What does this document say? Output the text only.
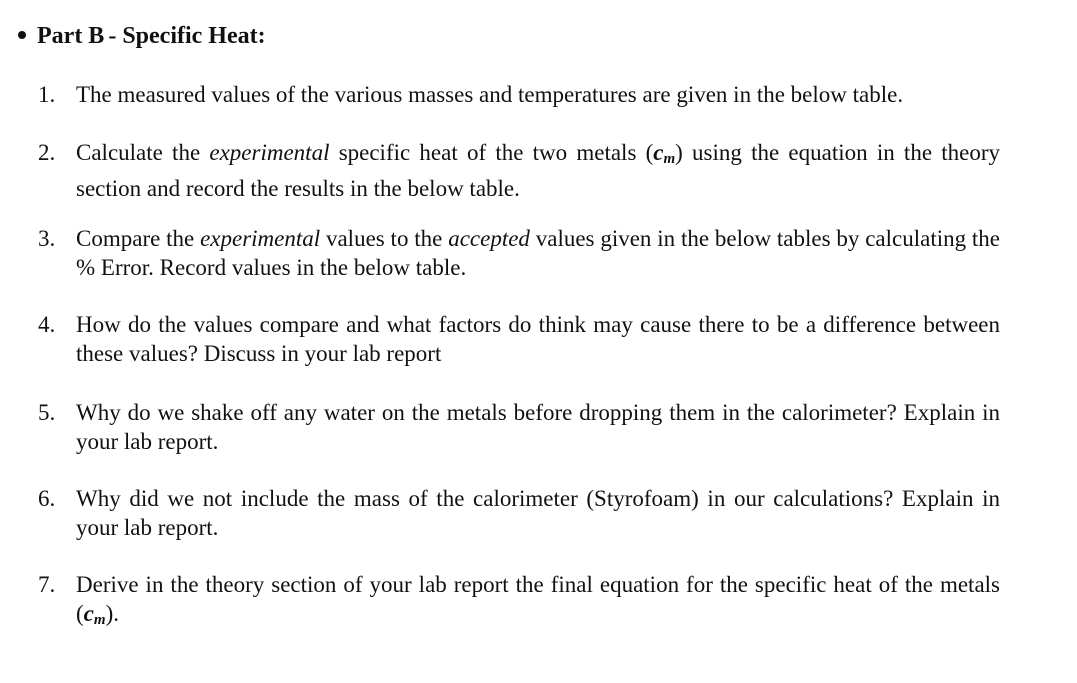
Part B - Specific Heat:
1. The measured values of the various masses and temperatures are given in the below table.
2. Calculate the experimental specific heat of the two metals $(c_m)$ using the equation in the theory section and record the results in the below table.
3. Compare the experimental values to the accepted values given in the below tables by calculating the % Error. Record values in the below table.
4. How do the values compare and what factors do think may cause there to be a difference between these values? Discuss in your lab report
5. Why do we shake off any water on the metals before dropping them in the calorimeter? Explain in your lab report.
6. Why did we not include the mass of the calorimeter (Styrofoam) in our calculations? Explain in your lab report.
7. Derive in the theory section of your lab report the final equation for the specific heat of the metals $(c_m)$.
